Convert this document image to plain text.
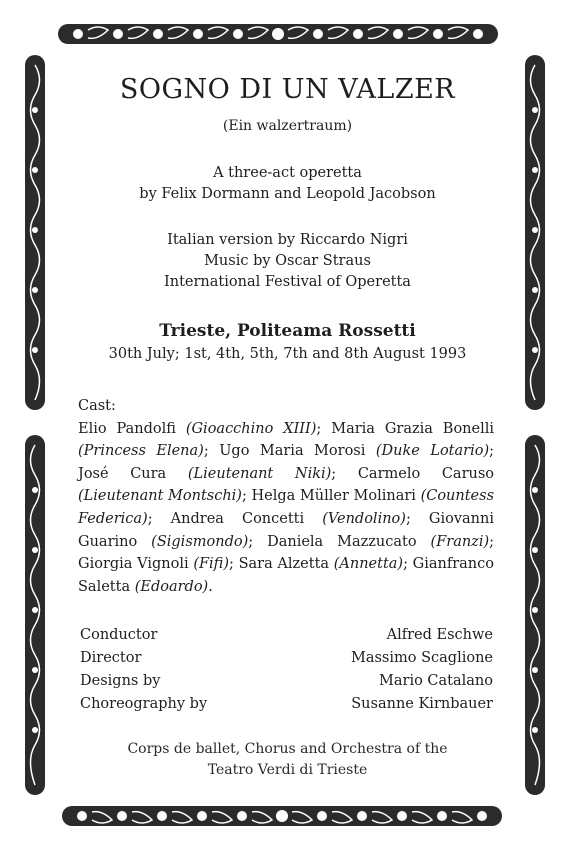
SOGNO DI UN VALZER
(Ein walzertraum)
A three-act operetta
by Felix Dormann and Leopold Jacobson
Italian version by Riccardo Nigri
Music by Oscar Straus
International Festival of Operetta
Trieste, Politeama Rossetti
30th July; 1st, 4th, 5th, 7th and 8th August 1993
Cast:
Elio Pandolfi (Gioacchino XIII); Maria Grazia Bonelli (Princess Elena); Ugo Maria Morosi (Duke Lotario); José Cura (Lieutenant Niki); Carmelo Caruso (Lieutenant Montschi); Helga Müller Molinari (Countess Federica); Andrea Concetti (Vendolino); Giovanni Guarino (Sigismondo); Daniela Mazzucato (Franzi); Giorgia Vignoli (Fifi); Sara Alzetta (Annetta); Gianfranco Saletta (Edoardo).
Conductor	Alfred Eschwe
Director	Massimo Scaglione
Designs by	Mario Catalano
Choreography by	Susanne Kirnbauer
Corps de ballet, Chorus and Orchestra of the
Teatro Verdi di Trieste
